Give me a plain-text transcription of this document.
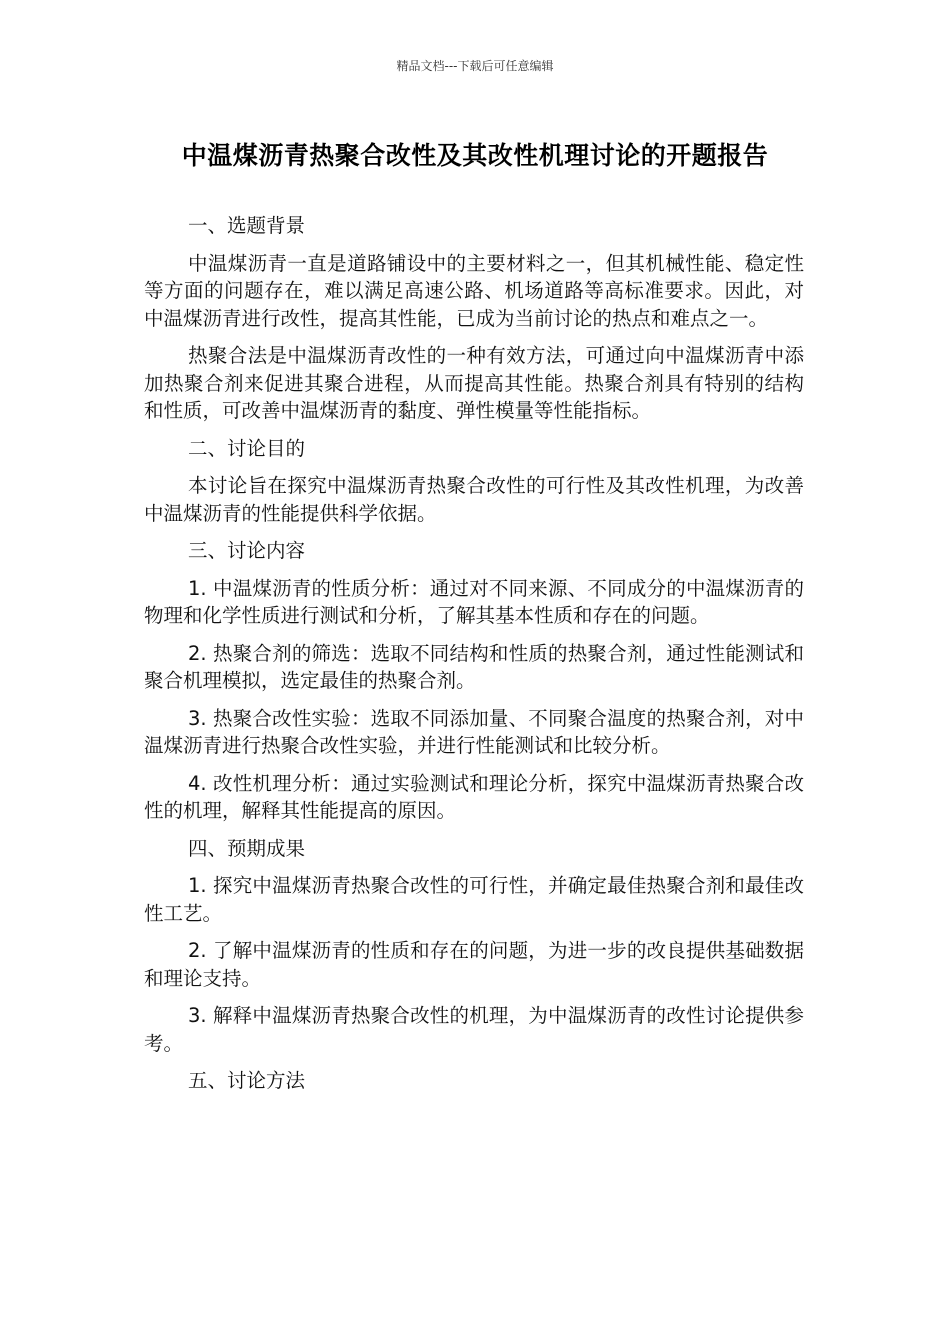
精品文档---下载后可任意编辑
中温煤沥青热聚合改性及其改性机理讨论的开题报告

一、选题背景

中温煤沥青一直是道路铺设中的主要材料之一，但其机械性能、稳定性等方面的问题存在，难以满足高速公路、机场道路等高标准要求。因此，对中温煤沥青进行改性，提高其性能，已成为当前讨论的热点和难点之一。

热聚合法是中温煤沥青改性的一种有效方法，可通过向中温煤沥青中添加热聚合剂来促进其聚合进程，从而提高其性能。热聚合剂具有特别的结构和性质，可改善中温煤沥青的黏度、弹性模量等性能指标。

二、讨论目的

本讨论旨在探究中温煤沥青热聚合改性的可行性及其改性机理，为改善中温煤沥青的性能提供科学依据。

三、讨论内容

1. 中温煤沥青的性质分析：通过对不同来源、不同成分的中温煤沥青的物理和化学性质进行测试和分析，了解其基本性质和存在的问题。

2. 热聚合剂的筛选：选取不同结构和性质的热聚合剂，通过性能测试和聚合机理模拟，选定最佳的热聚合剂。

3. 热聚合改性实验：选取不同添加量、不同聚合温度的热聚合剂，对中温煤沥青进行热聚合改性实验，并进行性能测试和比较分析。

4. 改性机理分析：通过实验测试和理论分析，探究中温煤沥青热聚合改性的机理，解释其性能提高的原因。

四、预期成果

1. 探究中温煤沥青热聚合改性的可行性，并确定最佳热聚合剂和最佳改性工艺。

2. 了解中温煤沥青的性质和存在的问题，为进一步的改良提供基础数据和理论支持。

3. 解释中温煤沥青热聚合改性的机理，为中温煤沥青的改性讨论提供参考。

五、讨论方法
